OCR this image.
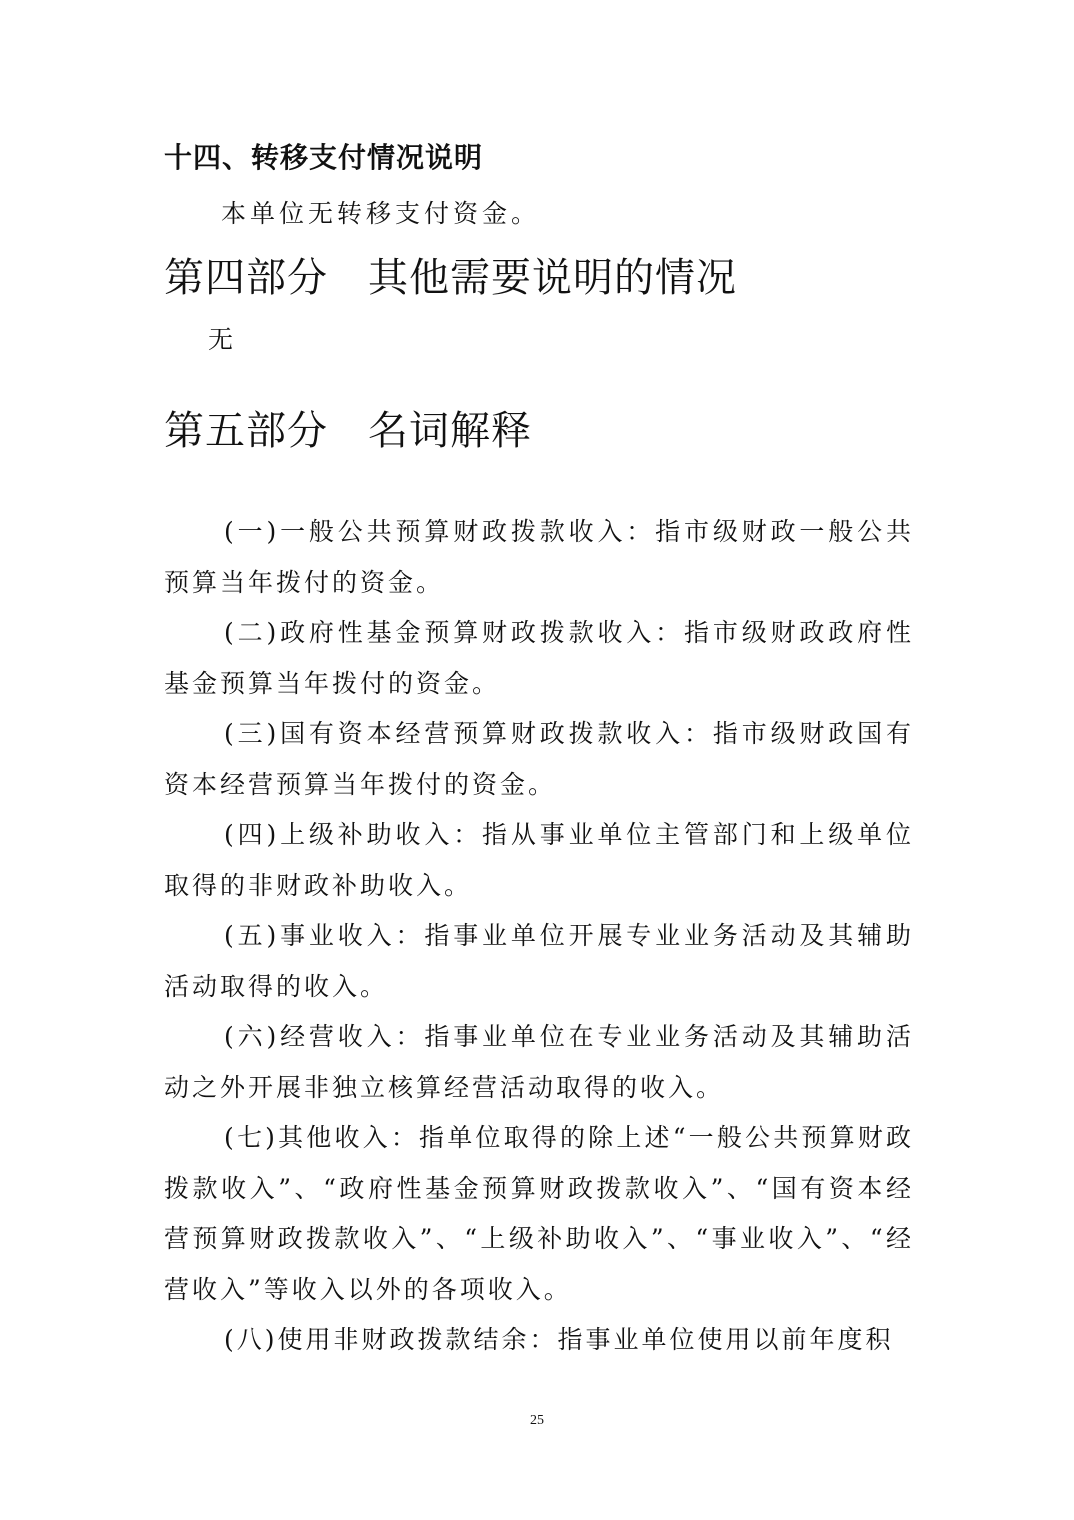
十四、转移支付情况说明
本单位无转移支付资金。
第四部分 其他需要说明的情况
无
第五部分 名词解释

(一)一般公共预算财政拨款收入：指市级财政一般公共预算当年拨付的资金。

(二)政府性基金预算财政拨款收入：指市级财政政府性基金预算当年拨付的资金。

(三)国有资本经营预算财政拨款收入：指市级财政国有资本经营预算当年拨付的资金。

(四)上级补助收入：指从事业单位主管部门和上级单位取得的非财政补助收入。

(五)事业收入：指事业单位开展专业业务活动及其辅助活动取得的收入。

(六)经营收入：指事业单位在专业业务活动及其辅助活动之外开展非独立核算经营活动取得的收入。

(七)其他收入：指单位取得的除上述“一般公共预算财政拨款收入”、“政府性基金预算财政拨款收入”、“国有资本经营预算财政拨款收入”、“上级补助收入”、“事业收入”、“经营收入”等收入以外的各项收入。

(八)使用非财政拨款结余：指事业单位使用以前年度积

25
